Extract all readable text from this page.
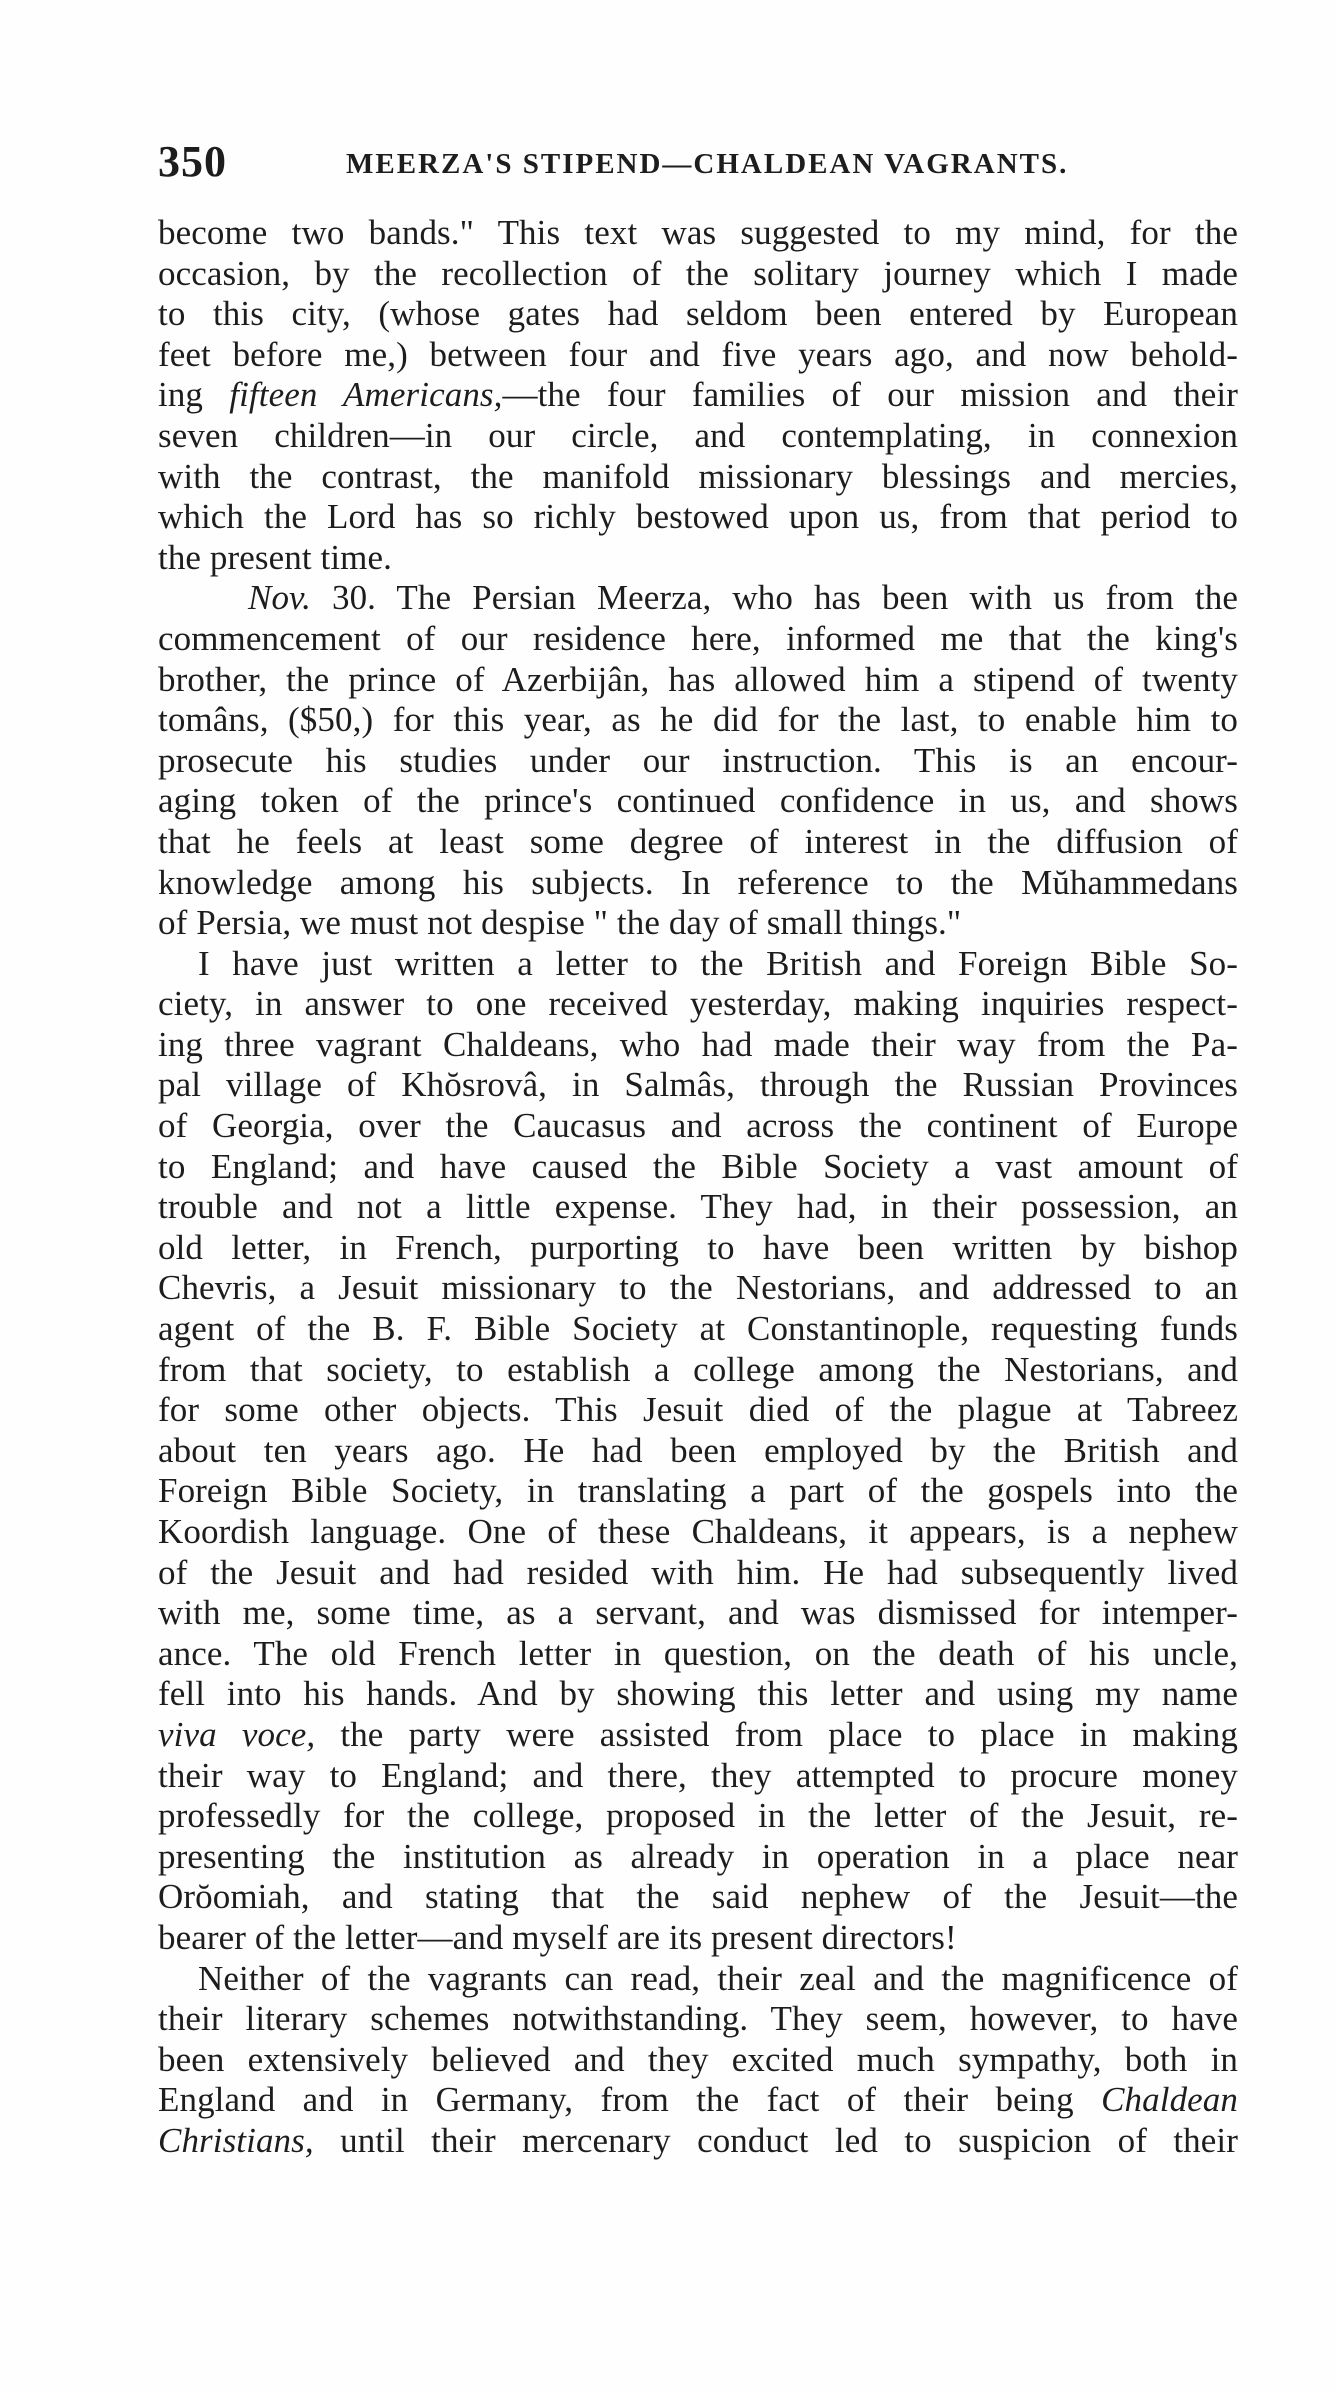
350	MEERZA'S STIPEND—CHALDEAN VAGRANTS.
become two bands." This text was suggested to my mind, for the
occasion, by the recollection of the solitary journey which I made
to this city, (whose gates had seldom been entered by European
feet before me,) between four and five years ago, and now behold-
ing fifteen Americans,—the four families of our mission and their
seven children—in our circle, and contemplating, in connexion
with the contrast, the manifold missionary blessings and mercies,
which the Lord has so richly bestowed upon us, from that period to
the present time.
Nov. 30. The Persian Meerza, who has been with us from the
commencement of our residence here, informed me that the king's
brother, the prince of Azerbijân, has allowed him a stipend of twenty
tomâns, ($50,) for this year, as he did for the last, to enable him to
prosecute his studies under our instruction. This is an encour-
aging token of the prince's continued confidence in us, and shows
that he feels at least some degree of interest in the diffusion of
knowledge among his subjects. In reference to the Mŭhammedans
of Persia, we must not despise " the day of small things."
I have just written a letter to the British and Foreign Bible So-
ciety, in answer to one received yesterday, making inquiries respect-
ing three vagrant Chaldeans, who had made their way from the Pa-
pal village of Khŏsrovâ, in Salmâs, through the Russian Provinces
of Georgia, over the Caucasus and across the continent of Europe
to England; and have caused the Bible Society a vast amount of
trouble and not a little expense. They had, in their possession, an
old letter, in French, purporting to have been written by bishop
Chevris, a Jesuit missionary to the Nestorians, and addressed to an
agent of the B. F. Bible Society at Constantinople, requesting funds
from that society, to establish a college among the Nestorians, and
for some other objects. This Jesuit died of the plague at Tabreez
about ten years ago. He had been employed by the British and
Foreign Bible Society, in translating a part of the gospels into the
Koordish language. One of these Chaldeans, it appears, is a nephew
of the Jesuit and had resided with him. He had subsequently lived
with me, some time, as a servant, and was dismissed for intemper-
ance. The old French letter in question, on the death of his uncle,
fell into his hands. And by showing this letter and using my name
viva voce, the party were assisted from place to place in making
their way to England; and there, they attempted to procure money
professedly for the college, proposed in the letter of the Jesuit, re-
presenting the institution as already in operation in a place near
Orŏomiah, and stating that the said nephew of the Jesuit—the
bearer of the letter—and myself are its present directors!
Neither of the vagrants can read, their zeal and the magnificence of
their literary schemes notwithstanding. They seem, however, to have
been extensively believed and they excited much sympathy, both in
England and in Germany, from the fact of their being Chaldean
Christians, until their mercenary conduct led to suspicion of their
